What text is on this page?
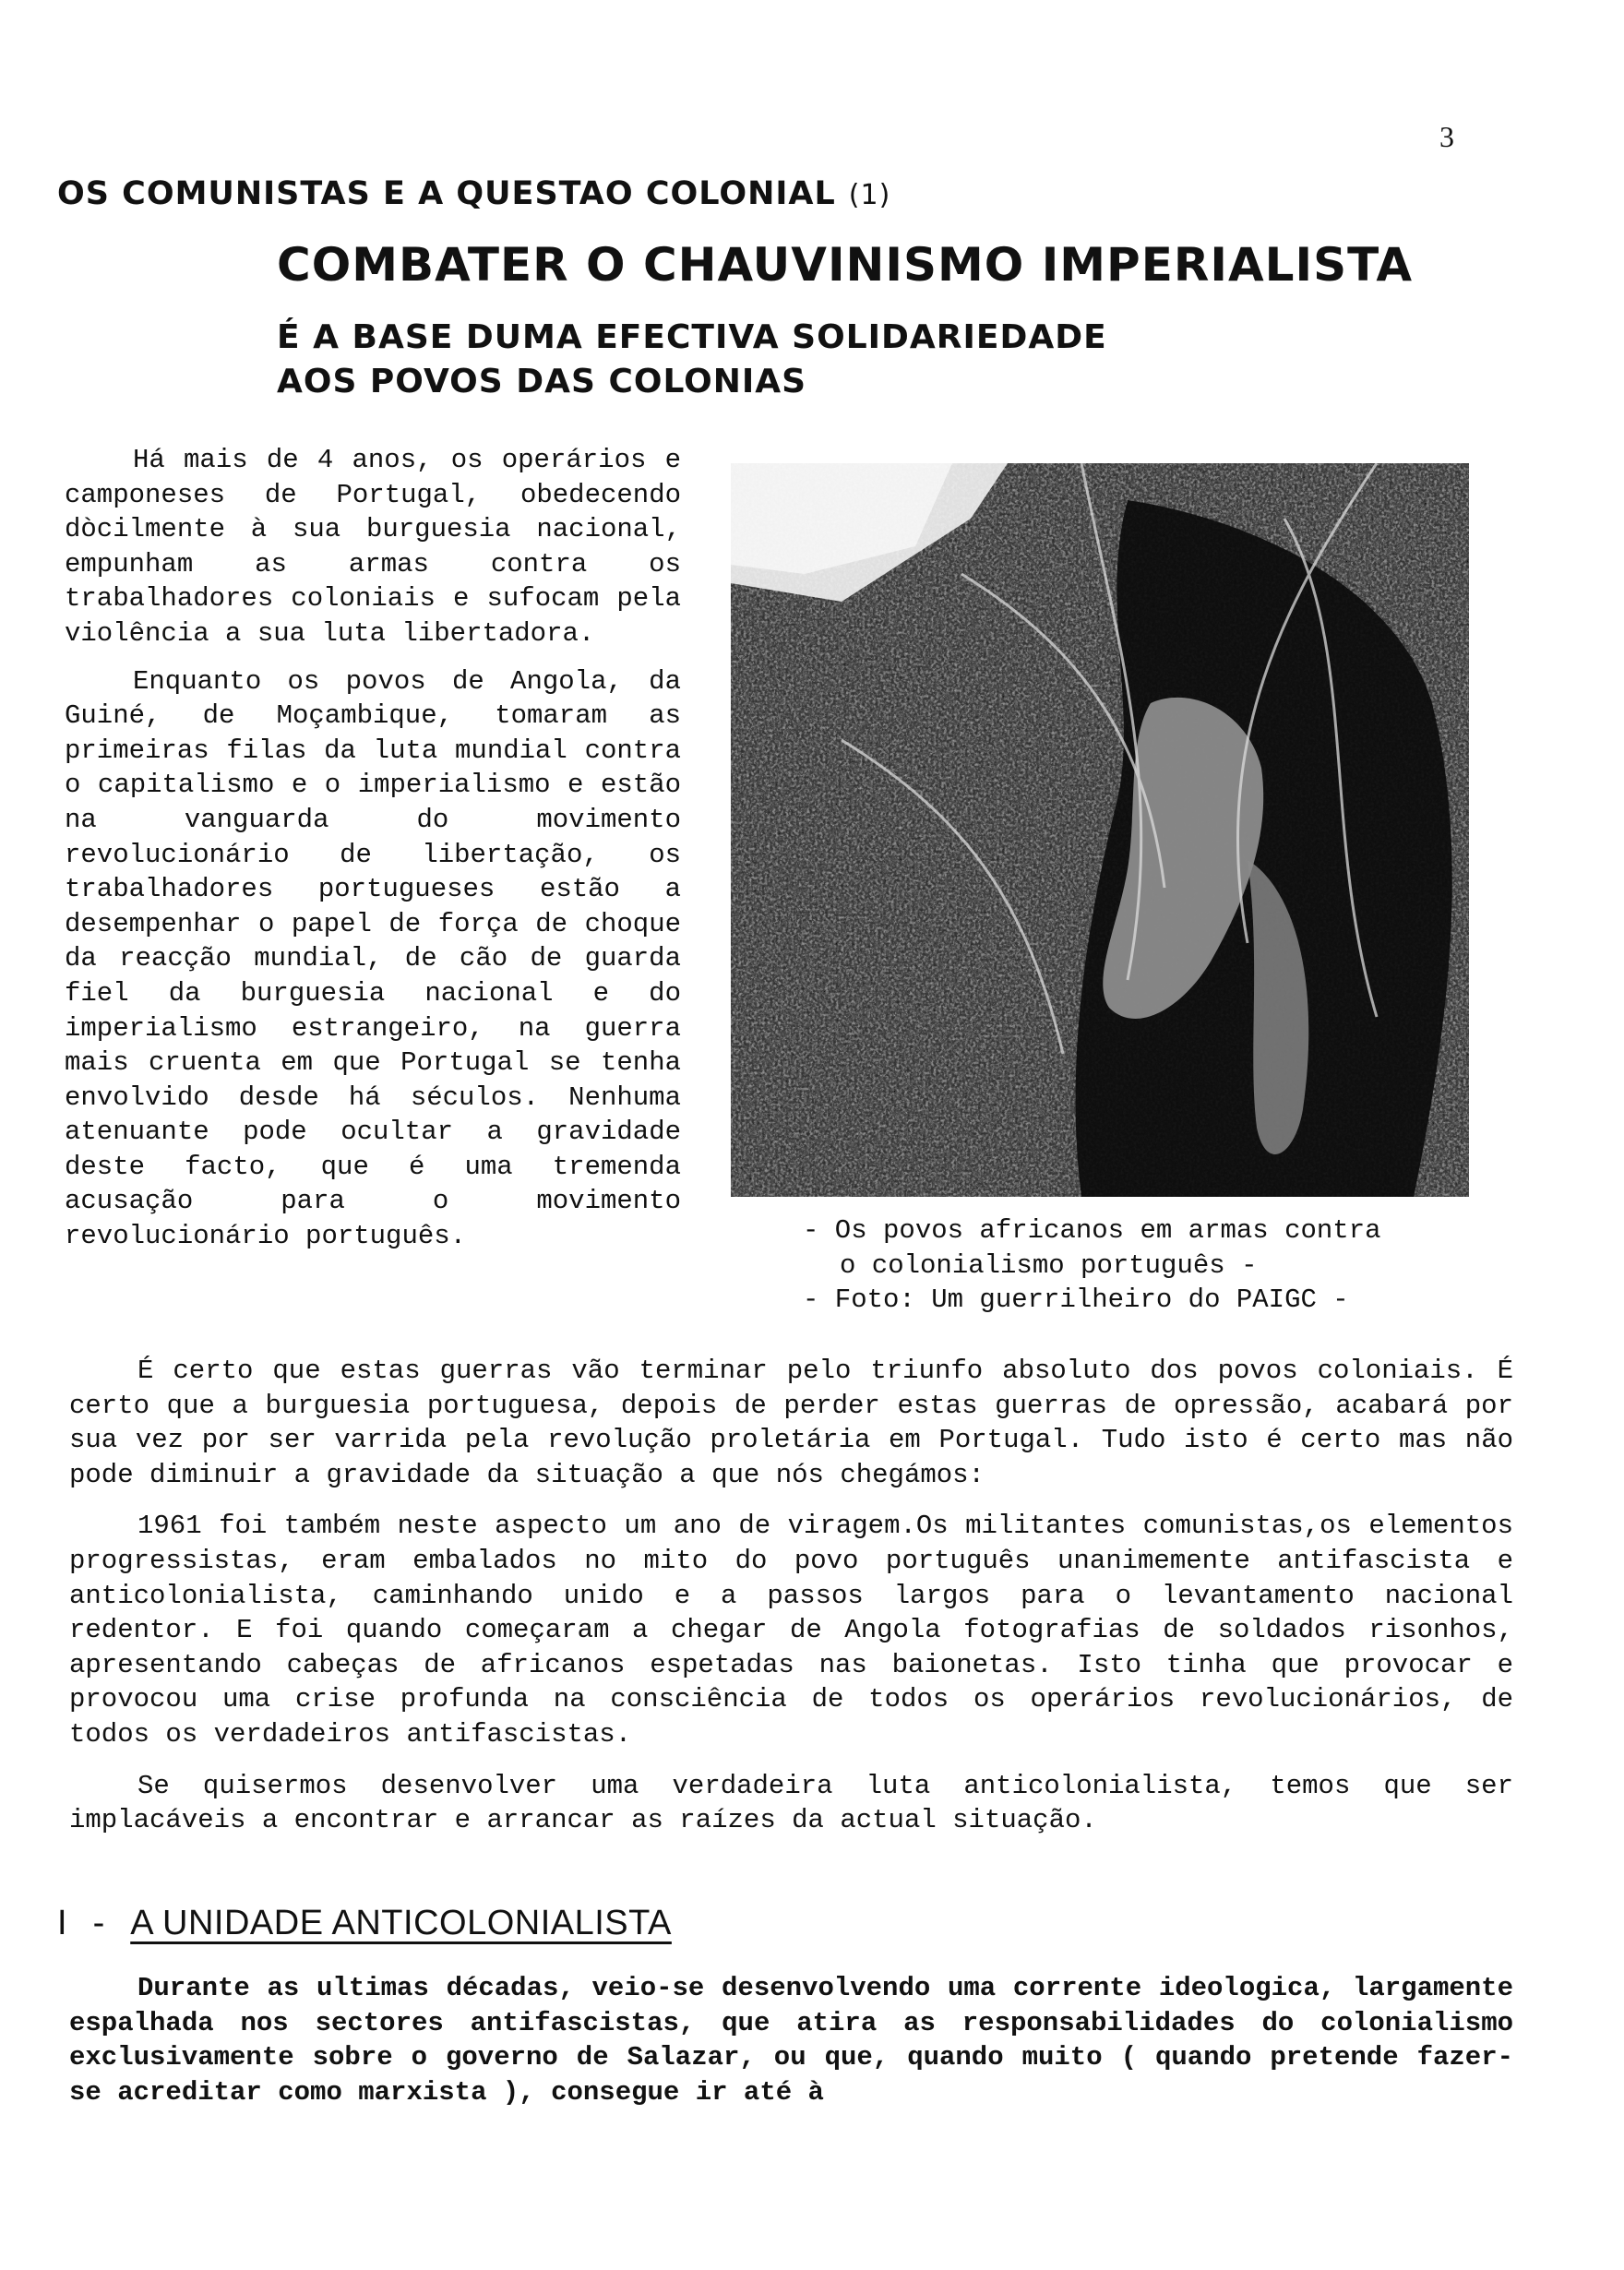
3
OS COMUNISTAS E A QUESTAO COLONIAL (1)
COMBATER O CHAUVINISMO IMPERIALISTA
É A BASE DUMA EFECTIVA SOLIDARIEDADE
AOS POVOS DAS COLONIAS

Há mais de 4 anos, os operários e camponeses de Portugal, obedecendo dòcilmente à sua burguesia nacional, empunham as armas contra os trabalhadores coloniais e sufocam pela violência a sua luta libertadora.

Enquanto os povos de Angola, da Guiné, de Moçambique, tomaram as primeiras filas da luta mundial contra o capitalismo e o imperialismo e estão na vanguarda do movimento revolucionário de libertação, os trabalhadores portugueses estão a desempenhar o papel de força de choque da reacção mundial, de cão de guarda fiel da burguesia nacional e do imperialismo estrangeiro, na guerra mais cruenta em que Portugal se tenha envolvido desde há séculos. Nenhuma atenuante pode ocultar a gravidade deste facto, que é uma tremenda acusação para o movimento revolucionário português.	- Os povos africanos em armas contra
o colonialismo português -
- Foto: Um guerrilheiro do PAIGC -

É certo que estas guerras vão terminar pelo triunfo absoluto dos povos coloniais. É certo que a burguesia portuguesa, depois de perder estas guerras de opressão, acabará por sua vez por ser varrida pela revolução proletária em Portugal. Tudo isto é certo mas não pode diminuir a gravidade da situação a que nós chegámos:

1961 foi também neste aspecto um ano de viragem.Os militantes comunistas,os elementos progressistas, eram embalados no mito do povo português unanimemente antifascista e anticolonialista, caminhando unido e a passos largos para o levantamento nacional redentor. E foi quando começaram a chegar de Angola fotografias de soldados risonhos, apresentando cabeças de africanos espetadas nas baionetas. Isto tinha que provocar e provocou uma crise profunda na consciência de todos os operários revolucionários, de todos os verdadeiros antifascistas.

Se quisermos desenvolver uma verdadeira luta anticolonialista, temos que ser implacáveis a encontrar e arrancar as raízes da actual situação.

I - A UNIDADE ANTICOLONIALISTA

Durante as ultimas décadas, veio-se desenvolvendo uma corrente ideologica, largamente espalhada nos sectores antifascistas, que atira as responsabilidades do colonialismo exclusivamente sobre o governo de Salazar, ou que, quando muito ( quando pretende fazer-se acreditar como marxista ), consegue ir até à
